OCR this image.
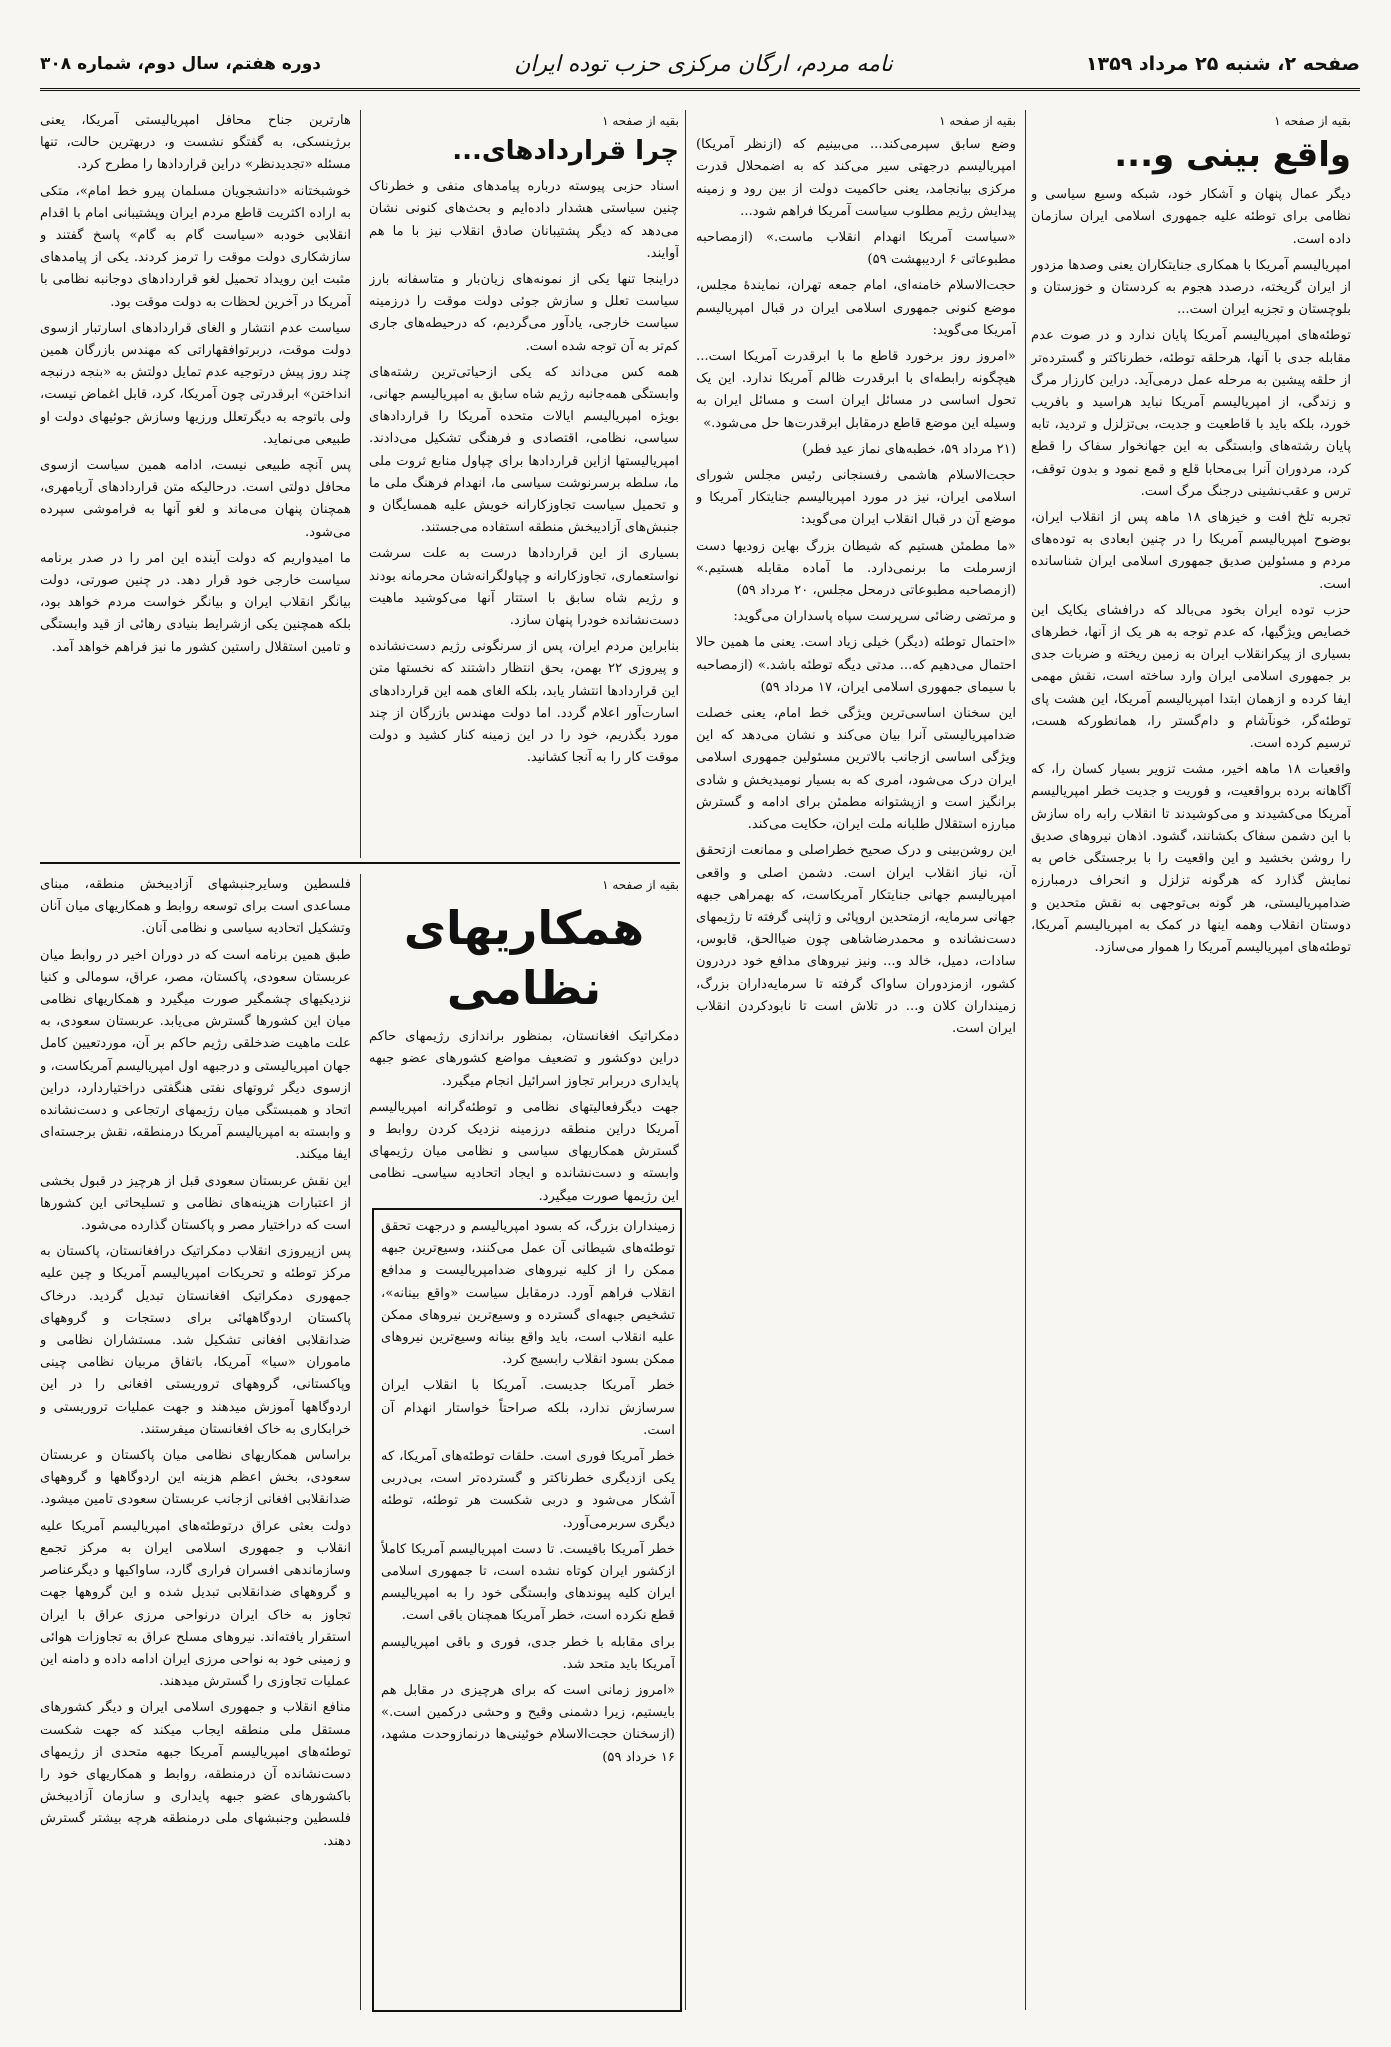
صفحه ۲، شنبه ۲۵ مرداد ۱۳۵۹
نامه مردم، ارگان مرکزی حزب توده ایران
دوره هفتم، سال دوم، شماره ۳۰۸
بقیه از صفحه ۱
واقع بینی و...

دیگر عمال پنهان و آشکار خود، شبکه وسیع سیاسی و نظامی برای توطئه علیه جمهوری اسلامی ایران سازمان داده است.

امپریالیسم آمریکا با همکاری جنایتکاران یعنی وصدها مزدور از ایران گریخته، درصدد هجوم به کردستان و خوزستان و بلوچستان و تجزیه ایران است...

توطئه‌های امپریالیسم آمریکا پایان ندارد و در صوت عدم مقابله جدی با آنها، هرحلقه توطئه، خطرناکتر و گسترده‌تر از حلقه پیشین به مرحله عمل درمی‌آید. دراین کارزار مرگ و زندگی، از امپریالیسم آمریکا نباید هراسید و بافریب خورد، بلکه باید با قاطعیت و جدیت، بی‌تزلزل و تردید، تابه پایان رشته‌های وابستگی به این جهانخوار سفاک را قطع کرد، مردوران آنرا بی‌محابا قلع و قمع نمود و بدون توقف، ترس و عقب‌نشینی درجنگ مرگ است.

تجربه تلخ افت و خیزهای ۱۸ ماهه پس از انقلاب ایران، بوضوح امپریالیسم آمریکا را در چنین ابعادی به توده‌های مردم و مسئولین صدیق جمهوری اسلامی ایران شناسانده است.

حزب توده ایران بخود می‌بالد که درافشای یکایک این خصایص ویژگیها، که عدم توجه به هر یک از آنها، خطرهای بسیاری از پیکرانقلاب ایران به زمین ریخته و ضربات جدی بر جمهوری اسلامی ایران وارد ساخته است، نقش مهمی ایفا کرده و ازهمان ابتدا امپریالیسم آمریکا، این هشت پای توطئه‌گر، خونآشام و دام‌گستر را، همانطورکه هست، ترسیم کرده است.

واقعیات ۱۸ ماهه اخیر، مشت تزویر بسیار کسان را، که آگاهانه برده برواقعیت، و فوریت و جدیت خطر امپریالیسم آمریکا می‌کشیدند و می‌کوشیدند تا انقلاب رابه راه سازش با این دشمن سفاک بکشانند، گشود. اذهان نیروهای صدیق را روشن بخشید و این واقعیت را با برجستگی خاص به نمایش گذارد که هرگونه تزلزل و انحراف درمبارزه ضدامپریالیستی، هر گونه بی‌توجهی به نقش متحدین و دوستان انقلاب وهمه اینها در کمک به امپریالیسم آمریکا، توطئه‌های امپریالیسم آمریکا را هموار می‌سازد.

بقیه از صفحه ۱

وضع سابق سپرمی‌کند... می‌بینیم که (ازنظر آمریکا) امپریالیسم درجهتی سیر می‌کند که به اضمحلال قدرت مرکزی بیانجامد، یعنی حاکمیت دولت از بین رود و زمینه پیدایش رژیم مطلوب سیاست آمریکا فراهم شود...

«سیاست آمریکا انهدام انقلاب ماست.» (ازمصاحبه مطبوعاتی ۶ اردیبهشت ۵۹)

حجت‌الاسلام خامنه‌ای، امام جمعه تهران، نمایندهٔ مجلس، موضع کنونی جمهوری اسلامی ایران در قبال امپریالیسم آمریکا می‌گوید:

«امروز روز برخورد قاطع ما با ابرقدرت آمریکا است... هیچگونه رابطه‌ای با ابرقدرت ظالم آمریکا ندارد. این یک تحول اساسی در مسائل ایران است و مسائل ایران به وسیله این موضع قاطع درمقابل ابرقدرت‌ها حل می‌شود.»

(۲۱ مرداد ۵۹، خطبه‌های نماز عید فطر)

حجت‌الاسلام هاشمی رفسنجانی رئیس مجلس شورای اسلامی ایران، نیز در مورد امپریالیسم جنایتکار آمریکا و موضع آن در قبال انقلاب ایران می‌گوید:

«ما مطمئن هستیم که شیطان بزرگ بهاین زودیها دست ازسرملت ما برنمی‌دارد. ما آماده مقابله هستیم.» (ازمصاحبه مطبوعاتی درمحل مجلس، ۲۰ مرداد ۵۹)

و مرتضی رضائی سرپرست سپاه پاسداران می‌گوید:

«احتمال توطئه (دیگر) خیلی زیاد است. یعنی ما همین حالا احتمال می‌دهیم که... مدتی دیگه توطئه باشد.» (ازمصاحبه با سیمای جمهوری اسلامی ایران، ۱۷ مرداد ۵۹)

این سخنان اساسی‌ترین ویژگی خط امام، یعنی خصلت ضدامپریالیستی آنرا بیان می‌کند و نشان می‌دهد که این ویژگی اساسی ازجانب بالاترین مسئولین جمهوری اسلامی ایران درک می‌شود، امری که به بسیار نومیدیخش و شادی برانگیز است و ازپشتوانه مطمئن برای ادامه و گسترش مبارزه استقلال طلبانه ملت ایران، حکایت می‌کند.

این روشن‌بینی و درک صحیح خطراصلی و ممانعت ازتحقق آن، نیاز انقلاب ایران است. دشمن اصلی و واقعی امپریالیسم جهانی جنایتکار آمریکاست، که بهمراهی جبهه جهانی سرمایه، ازمتحدین اروپائی و ژاپنی گرفته تا رژیمهای دست‌نشانده و محمدرضاشاهی چون ضیاالحق، قابوس، سادات، دمیل، خالد و... ونیز نیروهای مدافع خود دردرون کشور، ازمزدوران ساواک گرفته تا سرمایه‌داران بزرگ، زمینداران کلان و... در تلاش است تا نابودکردن انقلاب ایران است.

بقیه از صفحه ۱
چرا قراردادهای...

اسناد حزبی پیوسته درباره پیامدهای منفی و خطرناک چنین سیاستی هشدار داده‌ایم و بحث‌های کنونی نشان می‌دهد که دیگر پشتیبانان صادق انقلاب نیز با ما هم آوایند.

دراینجا تنها یکی از نمونه‌های زیان‌بار و متاسفانه بارز سیاست تعلل و سازش جوئی دولت موقت را درزمینه سیاست خارجی، یادآور می‌گردیم، که درحیطه‌های جاری کم‌تر به آن توجه شده است.

همه کس می‌داند که یکی ازحیاتی‌ترین رشته‌های وابستگی همه‌جانبه رژیم شاه سابق به امپریالیسم جهانی، بویژه امپریالیسم ایالات متحده آمریکا را قراردادهای سیاسی، نظامی، اقتصادی و فرهنگی تشکیل می‌دادند. امپریالیستها ازاین قراردادها برای چپاول منابع ثروت ملی ما، سلطه برسرنوشت سیاسی ما، انهدام فرهنگ ملی ما و تحمیل سیاست تجاوزکارانه خویش علیه همسایگان و جنبش‌های آزادیبخش منطقه استفاده می‌جستند.

بسیاری از این قراردادها درست به علت سرشت نواستعماری، تجاوزکارانه و چپاولگرانه‌شان محرمانه بودند و رژیم شاه سابق با استتار آنها می‌کوشید ماهیت دست‌نشانده خودرا پنهان سازد.

بنابراین مردم ایران، پس از سرنگونی رژیم دست‌نشانده و پیروزی ۲۲ بهمن، بحق انتظار داشتند که نخستها متن این قراردادها انتشار یابد، بلکه الغای همه این قراردادهای اسارت‌آور اعلام گردد. اما دولت مهندس بازرگان از چند مورد بگذریم، خود را در این زمینه کنار کشید و دولت موقت کار را به آنجا کشانید.

هارترین جناح محافل امپریالیستی آمریکا، یعنی برژینسکی، به گفتگو نشست و، دربهترین حالت، تنها مسئله «تجدیدنظر» دراین قراردادها را مطرح کرد.

خوشبختانه «دانشجویان مسلمان پیرو خط امام»، متکی به اراده اکثریت قاطع مردم ایران وپشتیبانی امام با اقدام انقلابی خودبه «سیاست گام به گام» پاسخ گفتند و سازشکاری دولت موقت را ترمز کردند. یکی از پیامدهای مثبت این رویداد تحمیل لغو قراردادهای دوجانبه نظامی با آمریکا در آخرین لحظات به دولت موقت بود.

سیاست عدم انتشار و الغای قراردادهای اسارتبار ازسوی دولت موقت، دربرتوافقهاراتی که مهندس بازرگان همین چند روز پیش درتوجیه عدم تمایل دولتش به «بنجه درنبجه انداختن» ابرقدرتی چون آمریکا، کرد، قابل اغماض نیست، ولی باتوجه به دیگرتعلل ورزیها وسازش جوئیهای دولت او طبیعی می‌نماید.

پس آنچه طبیعی نیست، ادامه همین سیاست ازسوی محافل دولتی است. درحالیکه متن قراردادهای آریامهری، همچنان پنهان می‌ماند و لغو آنها به فراموشی سپرده می‌شود.

ما امیدواریم که دولت آینده این امر را در صدر برنامه سیاست خارجی خود قرار دهد. در چنین صورتی، دولت بیانگر انقلاب ایران و بیانگر خواست مردم خواهد بود، بلکه همچنین یکی ازشرایط بنیادی رهائی از قید وابستگی و تامین استقلال راستین کشور ما نیز فراهم خواهد آمد.

بقیه از صفحه ۱
همکاریهای نظامی

دمکراتیک افغانستان، بمنظور براندازی رژیمهای حاکم دراین دوکشور و تضعیف مواضع کشورهای عضو جبهه پایداری دربرابر تجاوز اسرائیل انجام میگیرد.

جهت دیگرفعالیتهای نظامی و توطئه‌گرانه امپریالیسم آمریکا دراین منطقه درزمینه نزدیک کردن روابط و گسترش همکاریهای سیاسی و نظامی میان رژیمهای وابسته و دست‌نشانده و ایجاد اتحادیه سیاسی‌ـ نظامی این رژیمها صورت میگیرد.

فلسطین وسایرجنبشهای آزادیبخش منطقه، مبنای مساعدی است برای توسعه روابط و همکاریهای میان آنان وتشکیل اتحادیه سیاسی و نظامی آنان.

طبق همین برنامه است که در دوران اخیر در روابط میان عربستان سعودی، پاکستان، مصر، عراق، سومالی و کنیا نزدیکیهای چشمگیر صورت میگیرد و همکاریهای نظامی میان این کشورها گسترش می‌یابد. عربستان سعودی، به علت ماهیت ضدخلقی رژیم حاکم بر آن، موردتعیین کامل جهان امپریالیستی و درجبهه اول امپریالیسم آمریکاست، و ازسوی دیگر ثروتهای نفتی هنگفتی دراختیاردارد، دراین اتحاد و همبستگی میان رژیمهای ارتجاعی و دست‌نشانده و وابسته به امپریالیسم آمریکا درمنطقه، نقش برجسته‌ای ایفا میکند.

این نقش عربستان سعودی قبل از هرچیز در قبول بخشی از اعتبارات هزینه‌های نظامی و تسلیحاتی این کشورها است که دراختیار مصر و پاکستان گذارده می‌شود.

پس ازپیروزی انقلاب دمکراتیک درافغانستان، پاکستان به مرکز توطئه و تحریکات امپریالیسم آمریکا و چین علیه جمهوری دمکراتیک افغانستان تبدیل گردید. درخاک پاکستان اردوگاههائی برای دستجات و گروههای ضدانقلابی افغانی تشکیل شد. مستشاران نظامی و ماموران «سیا» آمریکا، باتفاق مربیان نظامی چینی وپاکستانی، گروههای تروریستی افغانی را در این اردوگاهها آموزش میدهند و جهت عملیات تروریستی و خرابکاری به خاک افغانستان میفرستند.

براساس همکاریهای نظامی میان پاکستان و عربستان سعودی، بخش اعظم هزینه این اردوگاهها و گروههای ضدانقلابی افغانی ازجانب عربستان سعودی تامین میشود.

دولت بعثی عراق درتوطئه‌های امپریالیسم آمریکا علیه انقلاب و جمهوری اسلامی ایران به مرکز تجمع وسازماندهی افسران فراری گارد، ساواکیها و دیگرعناصر و گروههای ضدانقلابی تبدیل شده و این گروهها جهت تجاوز به خاک ایران درنواحی مرزی عراق با ایران استقرار یافته‌اند. نیروهای مسلح عراق به تجاوزات هوائی و زمینی خود به نواحی مرزی ایران ادامه داده و دامنه این عملیات تجاوزی را گسترش میدهند.

منافع انقلاب و جمهوری اسلامی ایران و دیگر کشورهای مستقل ملی منطقه ایجاب میکند که جهت شکست توطئه‌های امپریالیسم آمریکا جبهه متحدی از رژیمهای دست‌نشانده آن درمنطقه، روابط و همکاریهای خود را باکشورهای عضو جبهه پایداری و سازمان آزادیبخش فلسطین وجنبشهای ملی درمنطقه هرچه بیشتر گسترش دهند.

زمینداران بزرگ، که بسود امپریالیسم و درجهت تحقق توطئه‌های شیطانی آن عمل می‌کنند، وسیع‌ترین جبهه ممکن را از کلیه نیروهای ضدامپریالیست و مدافع انقلاب فراهم آورد. درمقابل سیاست «واقع بینانه»، تشخیص جبهه‌ای گسترده و وسیع‌ترین نیروهای ممکن علیه انقلاب است، باید واقع بینانه وسیع‌ترین نیروهای ممکن بسود انقلاب رابسیج کرد.

خطر آمریکا جدیست. آمریکا با انقلاب ایران سرسازش ندارد، بلکه صراحتاً خواستار انهدام آن است.

خطر آمریکا فوری است. حلقات توطئه‌های آمریکا، که یکی ازدیگری خطرناکتر و گسترده‌تر است، بی‌دربی آشکار می‌شود و دربی شکست هر توطئه، توطئه دیگری سربرمی‌آورد.

خطر آمریکا باقیست. تا دست امپریالیسم آمریکا کاملاً ازکشور ایران کوتاه نشده است، تا جمهوری اسلامی ایران کلیه پیوندهای وابستگی خود را به امپریالیسم قطع نکرده است، خطر آمریکا همچنان باقی است.

برای مقابله با خطر جدی، فوری و باقی امپریالیسم آمریکا باید متحد شد.

«امروز زمانی است که برای هرچیزی در مقابل هم بایستیم، زیرا دشمنی وقیح و وحشی درکمین است.» (ازسخنان حجت‌الاسلام خوئینی‌ها درنمازوحدت مشهد، ۱۶ خرداد ۵۹)
